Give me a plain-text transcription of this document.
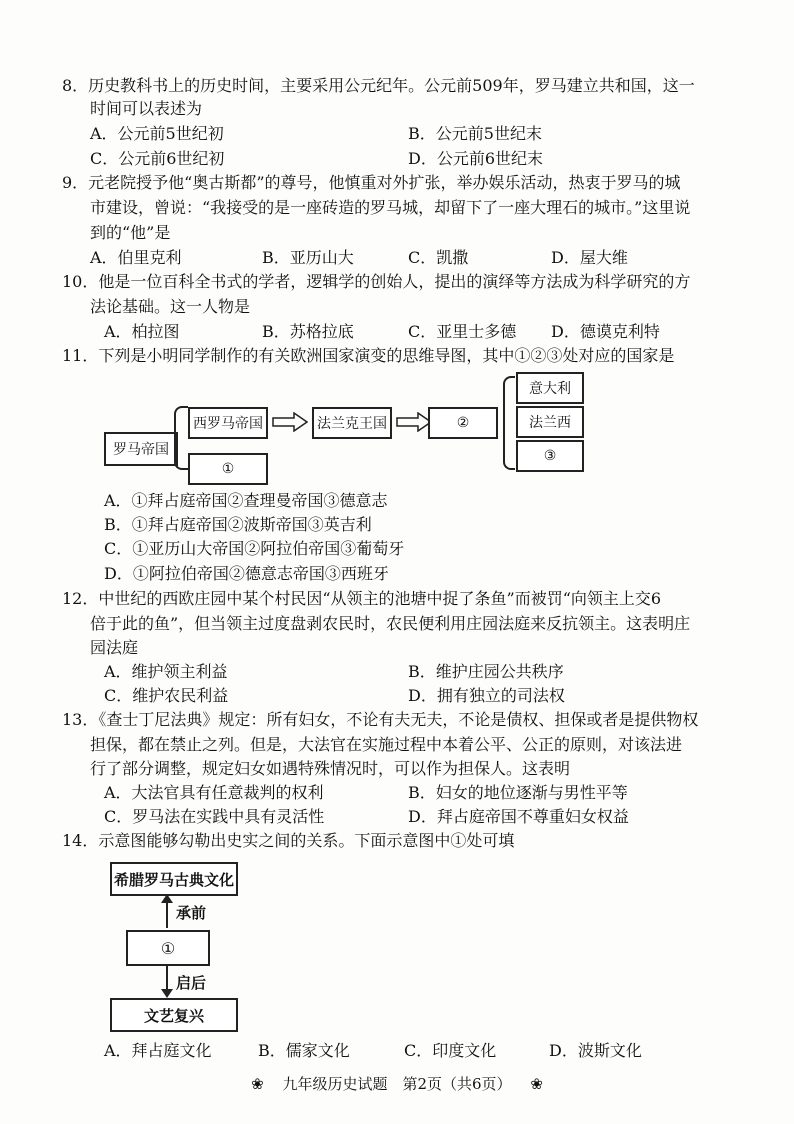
8．历史教科书上的历史时间，主要采用公元纪年。公元前509年，罗马建立共和国，这一
时间可以表述为
A．公元前5世纪初	B．公元前5世纪末
C．公元前6世纪初	D．公元前6世纪末
9．元老院授予他“奥古斯都”的尊号，他慎重对外扩张，举办娱乐活动，热衷于罗马的城
市建设，曾说：“我接受的是一座砖造的罗马城，却留下了一座大理石的城市。”这里说
到的“他”是
A．伯里克利	B．亚历山大	C．凯撒	D．屋大维
10．他是一位百科全书式的学者，逻辑学的创始人，提出的演绎等方法成为科学研究的方
法论基础。这一人物是
A．柏拉图	B．苏格拉底	C．亚里士多德 D．德谟克利特
11．下列是小明同学制作的有关欧洲国家演变的思维导图，其中①②③处对应的国家是
罗马帝国
西罗马帝国
①
法兰克王国	②
意大利
法兰西
③
A．①拜占庭帝国②查理曼帝国③德意志
B．①拜占庭帝国②波斯帝国③英吉利
C．①亚历山大帝国②阿拉伯帝国③葡萄牙
D．①阿拉伯帝国②德意志帝国③西班牙
12．中世纪的西欧庄园中某个村民因“从领主的池塘中捉了条鱼”而被罚“向领主上交6
倍于此的鱼”，但当领主过度盘剥农民时，农民便利用庄园法庭来反抗领主。这表明庄
园法庭
A．维护领主利益	B．维护庄园公共秩序
C．维护农民利益	D．拥有独立的司法权
13．《查士丁尼法典》规定：所有妇女，不论有夫无夫，不论是债权、担保或者是提供物权
担保，都在禁止之列。但是，大法官在实施过程中本着公平、公正的原则，对该法进
行了部分调整，规定妇女如遇特殊情况时，可以作为担保人。这表明
A．大法官具有任意裁判的权利	B．妇女的地位逐渐与男性平等
C．罗马法在实践中具有灵活性	D．拜占庭帝国不尊重妇女权益
14．示意图能够勾勒出史实之间的关系。下面示意图中①处可填
希腊罗马古典文化
承前
①
启后
文艺复兴
A．拜占庭文化	B．儒家文化	C．印度文化	D．波斯文化
❀ 九年级历史试题　第2页（共6页） ❀
